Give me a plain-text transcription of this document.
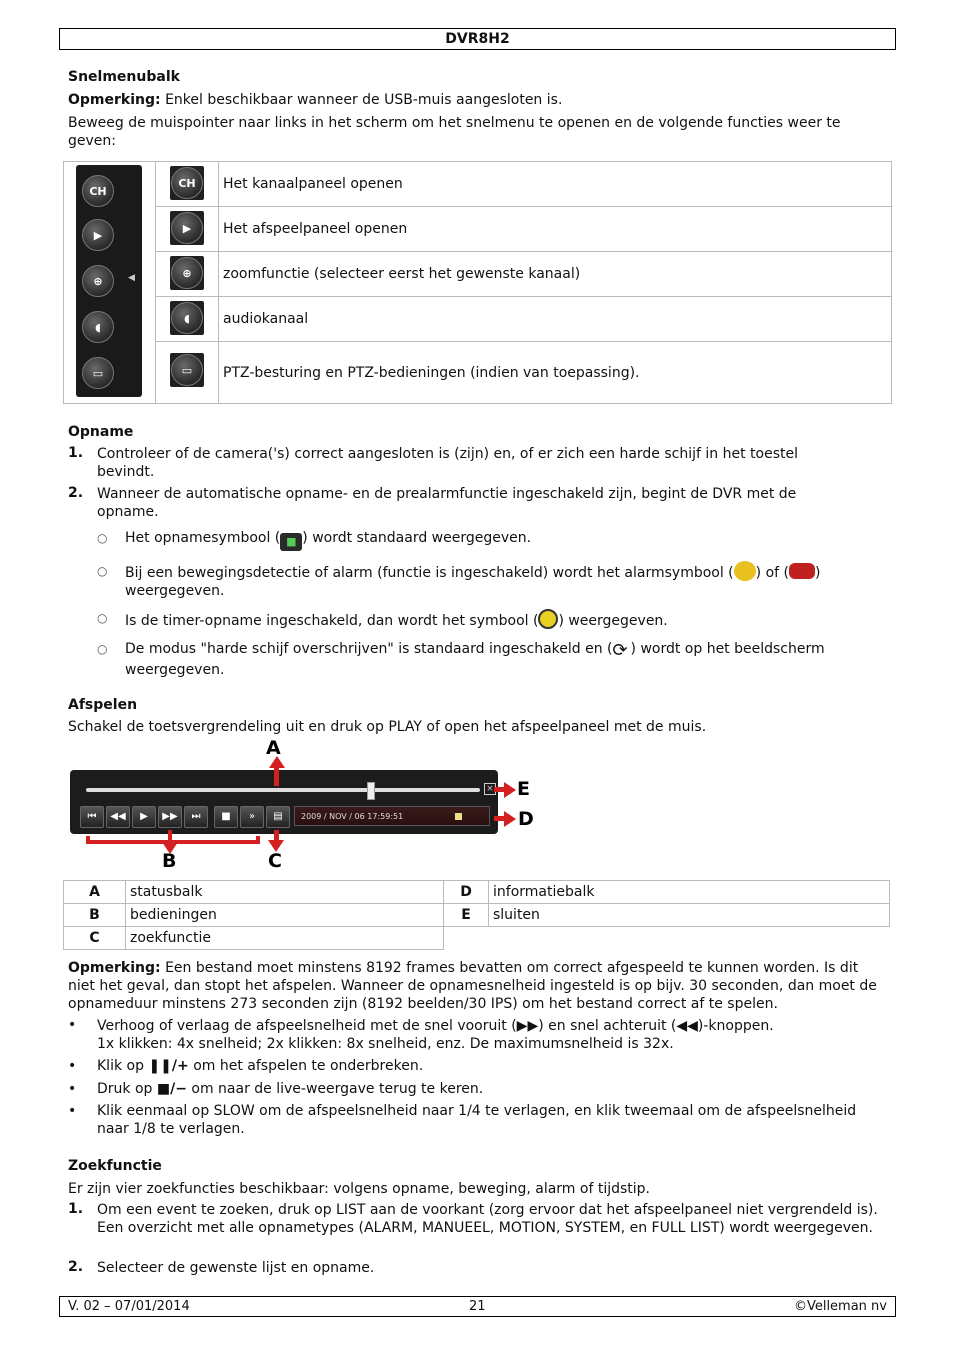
DVR8H2
Snelmenubalk

Opmerking: Enkel beschikbaar wanneer de USB-muis aangesloten is.

Beweeg de muispointer naar links in het scherm om het snelmenu te openen en de volgende functies weer te geven:

CH
▶
⊕
◖
▭
◀
CH	Het kanaalpaneel openen
▶	Het afspeelpaneel openen
⊕	zoomfunctie (selecteer eerst het gewenste kanaal)
◖	audiokanaal
▭	PTZ-besturing en PTZ-bedieningen (indien van toepassing).
Opname
1. Controleer of de camera('s) correct aangesloten is (zijn) en, of er zich een harde schijf in het toestel bevindt.

2. Wanneer de automatische opname- en de prealarmfunctie ingeschakeld zijn, begint de DVR met de opname.

○ Het opnamesymbool ( ■ ) wordt standaard weergegeven.

○ Bij een bewegingsdetectie of alarm (functie is ingeschakeld) wordt het alarmsymbool ( ) of ( )
weergegeven.

○ Is de timer-opname ingeschakeld, dan wordt het symbool ( ) weergegeven.

○ De modus "harde schijf overschrijven" is standaard ingeschakeld en (⟳ ) wordt op het beeldscherm
weergegeven.

Afspelen

Schakel de toetsvergrendeling uit en druk op PLAY of open het afspeelpaneel met de muis.

×
⏮	◀◀	▶	▶▶	⏭	■	»	▤	2009 / NOV / 06 17:59:51
A
E
D
B	C
A	statusbalk
B	bedieningen
C	zoekfunctie
D	informatiebalk
E	sluiten

Opmerking: Een bestand moet minstens 8192 frames bevatten om correct afgespeeld te kunnen worden. Is dit niet het geval, dan stopt het afspelen. Wanneer de opnamesnelheid ingesteld is op bijv. 30 seconden, dan moet de opnameduur minstens 273 seconden zijn (8192 beelden/30 IPS) om het bestand correct af te spelen.

• Verhoog of verlaag de afspeelsnelheid met de snel vooruit (▶▶) en snel achteruit (◀◀)-knoppen.
1x klikken: 4x snelheid; 2x klikken: 8x snelheid, enz. De maximumsnelheid is 32x.

• Klik op ❚❚/+ om het afspelen te onderbreken.

• Druk op ■/− om naar de live-weergave terug te keren.

• Klik eenmaal op SLOW om de afspeelsnelheid naar 1/4 te verlagen, en klik tweemaal om de afspeelsnelheid naar 1/8 te verlagen.

Zoekfunctie

Er zijn vier zoekfuncties beschikbaar: volgens opname, beweging, alarm of tijdstip.

1. Om een event te zoeken, druk op LIST aan de voorkant (zorg ervoor dat het afspeelpaneel niet vergrendeld is). Een overzicht met alle opnametypes (ALARM, MANUEEL, MOTION, SYSTEM, en FULL LIST) wordt weergegeven.

2. Selecteer de gewenste lijst en opname.

V. 02 – 07/01/2014	21	©Velleman nv
